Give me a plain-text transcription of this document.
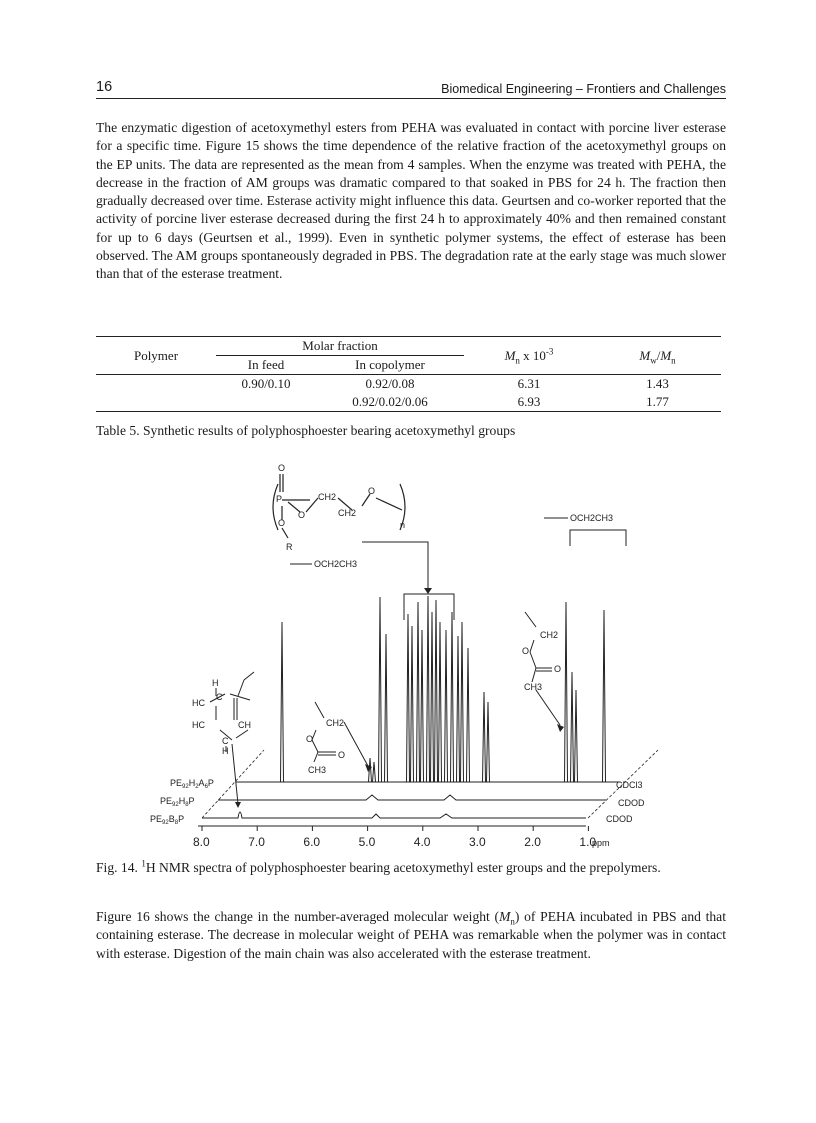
16	Biomedical Engineering – Frontiers and Challenges

The enzymatic digestion of acetoxymethyl esters from PEHA was evaluated in contact with porcine liver esterase for a specific time. Figure 15 shows the time dependence of the relative fraction of the acetoxymethyl groups on the EP units. The data are represented as the mean from 4 samples. When the enzyme was treated with PEHA, the decrease in the fraction of AM groups was dramatic compared to that soaked in PBS for 24 h. The fraction then gradually decreased over time. Esterase activity might influence this data. Geurtsen and co-worker reported that the activity of porcine liver esterase decreased during the first 24 h to approximately 40% and then remained constant for up to 6 days (Geurtsen et al., 1999). Even in synthetic polymer systems, the effect of esterase has been observed. The AM groups spontaneously degraded in PBS. The degradation rate at the early stage was much slower than that of the esterase treatment.

Polymer	Molar fraction		$M_n$ x $10^{-3}$	$M_w/M_n$
	In feed	In copolymer		
	0.90/0.10	0.92/0.08	6.31	1.43
		0.92/0.02/0.06	6.93	1.77

Table 5. Synthetic results of polyphosphoester bearing acetoxymethyl groups

O
P
O
CH2
CH2
O
O
R
n
OCH2CH3
OCH2CH3
CH2
O
O
CH3
CH2
O
O
CH3
H
HC
C
HC	CH
C
H
$PE_{92}H_2A_6P$
$PE_{92}H_8P$
$PE_{92}B_8P$
CDCl3
CDOD
CDOD
8.0	7.0	6.0	5.0	4.0	3.0	2.0	1.0
ppm

Fig. 14. $^1$H NMR spectra of polyphosphoester bearing acetoxymethyl ester groups and the prepolymers.

Figure 16 shows the change in the number-averaged molecular weight $(M_n)$ of PEHA incubated in PBS and that containing esterase. The decrease in molecular weight of PEHA was remarkable when the polymer was in contact with esterase. Digestion of the main chain was also accelerated with the esterase treatment.
